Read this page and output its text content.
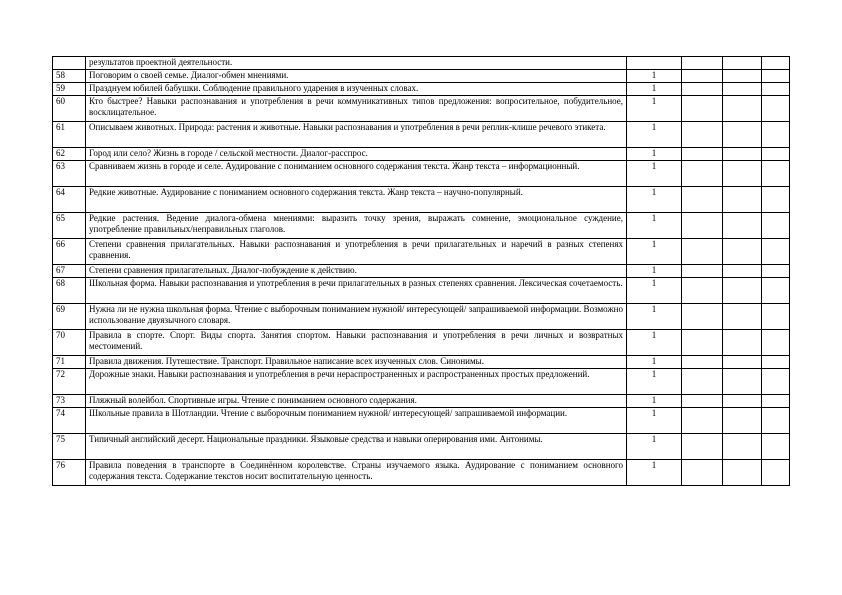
	результатов проектной деятельности.				
58	Поговорим о своей семье. Диалог-обмен мнениями.	1			
59	Празднуем юбилей бабушки. Соблюдение правильного ударения в изученных словах.	1			
60	Кто быстрее? Навыки распознавания и употребления в речи коммуникативных типов предложения: вопросительное, побудительное, восклицательное.	1			
61	Описываем животных. Природа: растения и животные. Навыки распознавания и употребления в речи реплик-клише речевого этикета.	1			
62	Город или село? Жизнь в городе / сельской местности. Диалог-расспрос.	1			
63	Сравниваем жизнь в городе и селе. Аудирование с пониманием основного содержания текста. Жанр текста – информационный.	1			
64	Редкие животные. Аудирование с пониманием основного содержания текста. Жанр текста – научно-популярный.	1			
65	Редкие растения. Ведение диалога-обмена мнениями: выразить точку зрения, выражать сомнение, эмоциональное суждение, употребление правильных/неправильных глаголов.	1			
66	Степени сравнения прилагательных. Навыки распознавания и употребления в речи прилагательных и наречий в разных степенях сравнения.	1			
67	Степени сравнения прилагательных. Диалог-побуждение к действию.	1			
68	Школьная форма. Навыки распознавания и употребления в речи прилагательных в разных степенях сравнения. Лексическая сочетаемость.	1			
69	Нужна ли не нужна школьная форма. Чтение с выборочным пониманием нужной/ интересующей/ запрашиваемой информации. Возможно использование двуязычного словаря.	1			
70	Правила в спорте. Спорт. Виды спорта. Занятия спортом. Навыки распознавания и употребления в речи личных и возвратных местоимений.	1			
71	Правила движения. Путешествие. Транспорт. Правильное написание всех изученных слов. Синонимы.	1			
72	Дорожные знаки. Навыки распознавания и употребления в речи нераспространенных и распространенных простых предложений.	1			
73	Пляжный волейбол. Спортивные игры. Чтение с пониманием основного содержания.	1			
74	Школьные правила в Шотландии. Чтение с выборочным пониманием нужной/ интересующей/ запрашиваемой информации.	1			
75	Типичный английский десерт. Национальные праздники. Языковые средства и навыки оперирования ими. Антонимы.	1			
76	Правила поведения в транспорте в Соединённом королевстве. Страны изучаемого языка. Аудирование с пониманием основного содержания текста. Содержание текстов носит воспитательную ценность.	1			
